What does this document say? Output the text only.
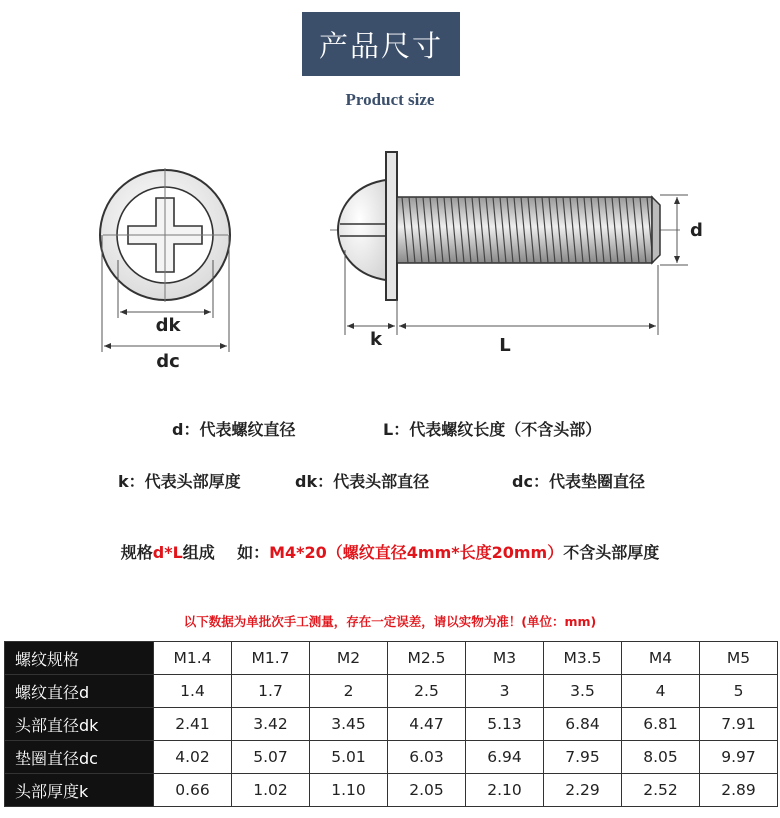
产品尺寸
Product size
dk
dc
d
k	L
d：代表螺纹直径	L：代表螺纹长度（不含头部）
k：代表头部厚度	dk：代表头部直径	dc：代表垫圈直径
规格d*L组成    如：M4*20（螺纹直径4mm*长度20mm）不含头部厚度
以下数据为单批次手工测量，存在一定误差，请以实物为准！(单位：mm)
螺纹规格	M1.4	M1.7	M2	M2.5	M3	M3.5	M4	M5
螺纹直径d	1.4	1.7	2	2.5	3	3.5	4	5
头部直径dk	2.41	3.42	3.45	4.47	5.13	6.84	6.81	7.91
垫圈直径dc	4.02	5.07	5.01	6.03	6.94	7.95	8.05	9.97
头部厚度k	0.66	1.02	1.10	2.05	2.10	2.29	2.52	2.89
